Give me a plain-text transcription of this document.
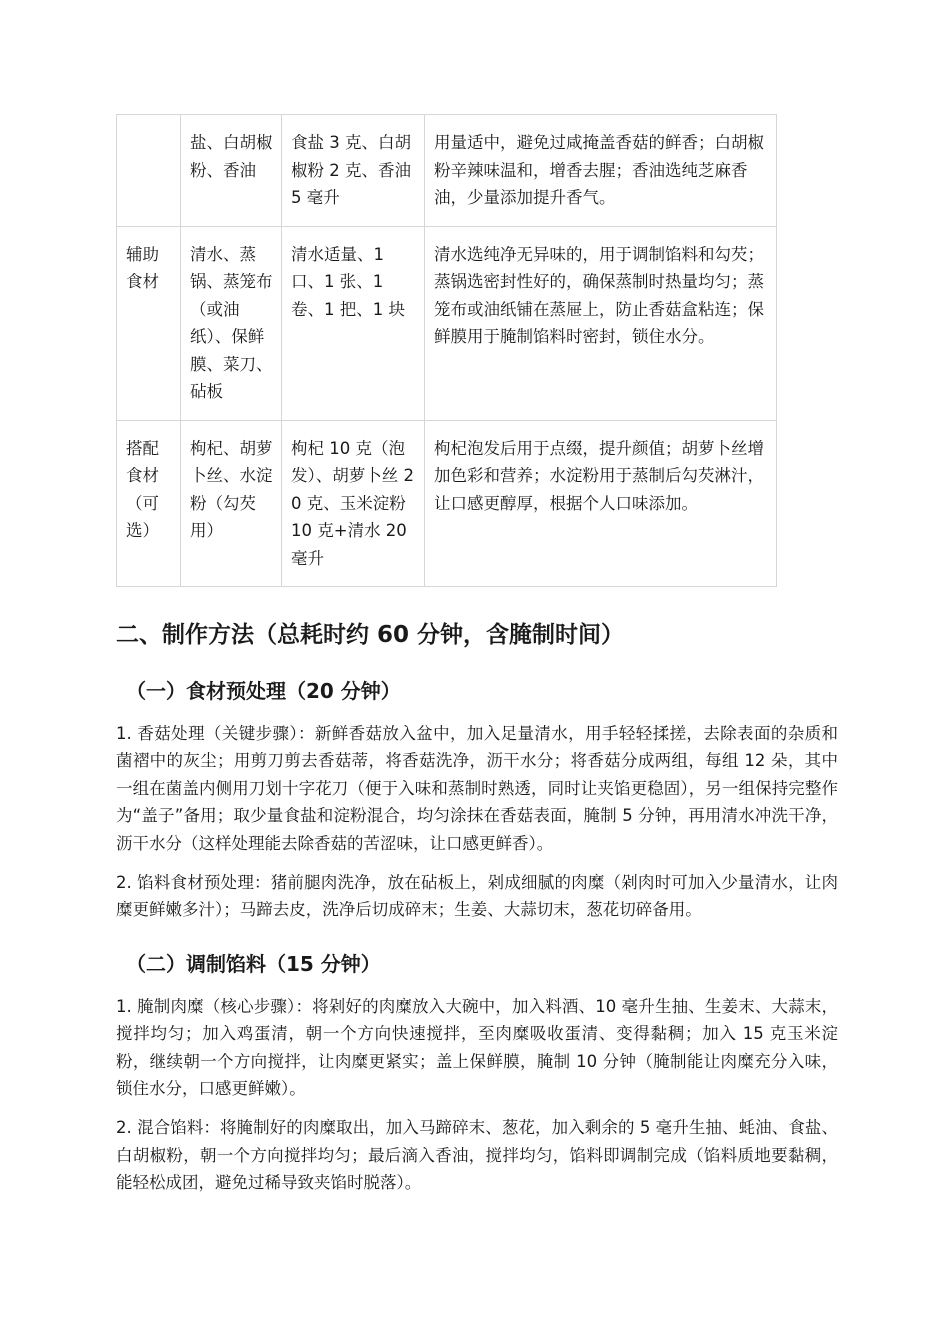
	盐、白胡椒粉、香油	食盐 3 克、白胡椒粉 2 克、香油 5 毫升	用量适中，避免过咸掩盖香菇的鲜香；白胡椒粉辛辣味温和，增香去腥；香油选纯芝麻香油，少量添加提升香气。
辅助食材	清水、蒸锅、蒸笼布（或油纸）、保鲜膜、菜刀、砧板	清水适量、1 口、1 张、1 卷、1 把、1 块	清水选纯净无异味的，用于调制馅料和勾芡；蒸锅选密封性好的，确保蒸制时热量均匀；蒸笼布或油纸铺在蒸屉上，防止香菇盒粘连；保鲜膜用于腌制馅料时密封，锁住水分。
搭配食材（可选）	枸杞、胡萝卜丝、水淀粉（勾芡用）	枸杞 10 克（泡发）、胡萝卜丝 20 克、玉米淀粉 10 克+清水 20 毫升	枸杞泡发后用于点缀，提升颜值；胡萝卜丝增加色彩和营养；水淀粉用于蒸制后勾芡淋汁，让口感更醇厚，根据个人口味添加。
二、制作方法（总耗时约 60 分钟，含腌制时间）
（一）食材预处理（20 分钟）

1. 香菇处理（关键步骤）：新鲜香菇放入盆中，加入足量清水，用手轻轻揉搓，去除表面的杂质和菌褶中的灰尘；用剪刀剪去香菇蒂，将香菇洗净，沥干水分；将香菇分成两组，每组 12 朵，其中一组在菌盖内侧用刀划十字花刀（便于入味和蒸制时熟透，同时让夹馅更稳固），另一组保持完整作为“盖子”备用；取少量食盐和淀粉混合，均匀涂抹在香菇表面，腌制 5 分钟，再用清水冲洗干净，沥干水分（这样处理能去除香菇的苦涩味，让口感更鲜香）。

2. 馅料食材预处理：猪前腿肉洗净，放在砧板上，剁成细腻的肉糜（剁肉时可加入少量清水，让肉糜更鲜嫩多汁）；马蹄去皮，洗净后切成碎末；生姜、大蒜切末，葱花切碎备用。

（二）调制馅料（15 分钟）

1. 腌制肉糜（核心步骤）：将剁好的肉糜放入大碗中，加入料酒、10 毫升生抽、生姜末、大蒜末，搅拌均匀；加入鸡蛋清，朝一个方向快速搅拌，至肉糜吸收蛋清、变得黏稠；加入 15 克玉米淀粉，继续朝一个方向搅拌，让肉糜更紧实；盖上保鲜膜，腌制 10 分钟（腌制能让肉糜充分入味，锁住水分，口感更鲜嫩）。

2. 混合馅料：将腌制好的肉糜取出，加入马蹄碎末、葱花，加入剩余的 5 毫升生抽、蚝油、食盐、白胡椒粉，朝一个方向搅拌均匀；最后滴入香油，搅拌均匀，馅料即调制完成（馅料质地要黏稠，能轻松成团，避免过稀导致夹馅时脱落）。
